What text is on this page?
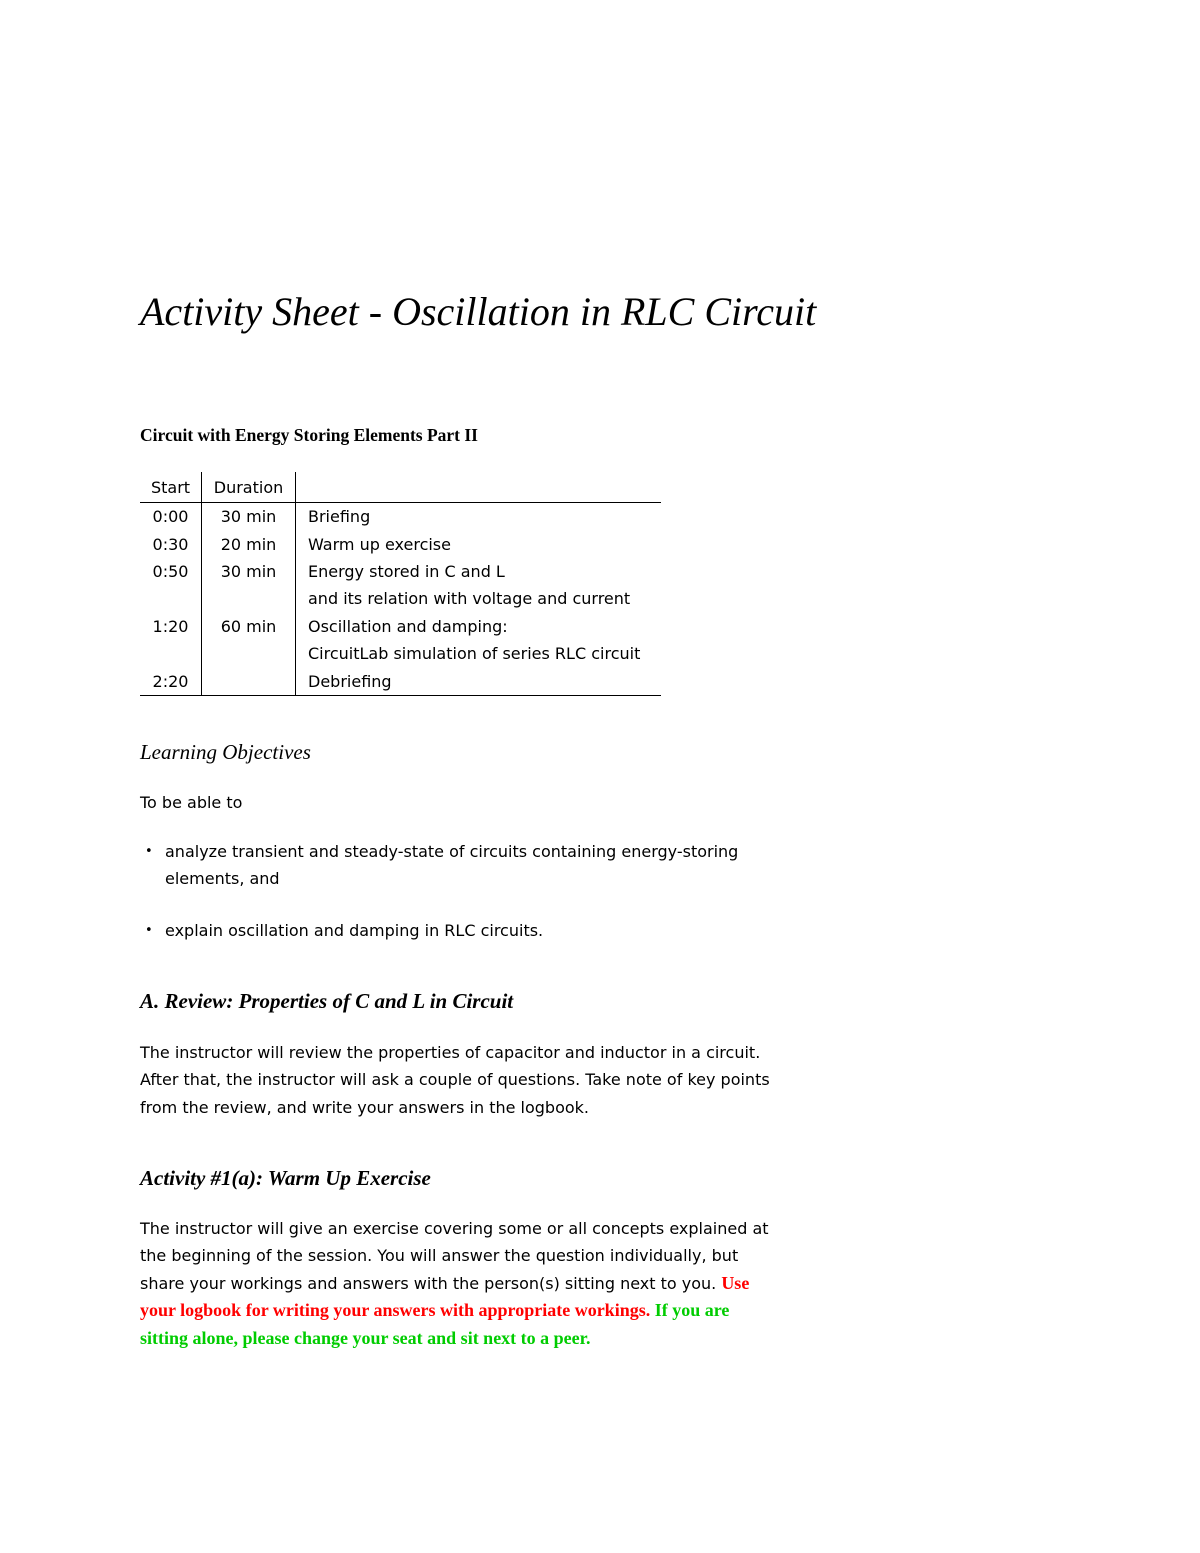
Activity Sheet - Oscillation in RLC Circuit
Circuit with Energy Storing Elements Part II
Start	Duration	
0:00	30 min	Briefing
0:30	20 min	Warm up exercise
0:50	30 min	Energy stored in C and L
		and its relation with voltage and current
1:20	60 min	Oscillation and damping:
		CircuitLab simulation of series RLC circuit
2:20		Debriefing
Learning Objectives

To be able to

• analyze transient and steady-state of circuits containing energy-storing elements, and
• explain oscillation and damping in RLC circuits.
A. Review: Properties of C and L in Circuit

The instructor will review the properties of capacitor and inductor in a circuit. After that, the instructor will ask a couple of questions. Take note of key points from the review, and write your answers in the logbook.

Activity #1(a): Warm Up Exercise

The instructor will give an exercise covering some or all concepts explained at the beginning of the session. You will answer the question individually, but share your workings and answers with the person(s) sitting next to you. Use your logbook for writing your answers with appropriate workings. If you are sitting alone, please change your seat and sit next to a peer.
